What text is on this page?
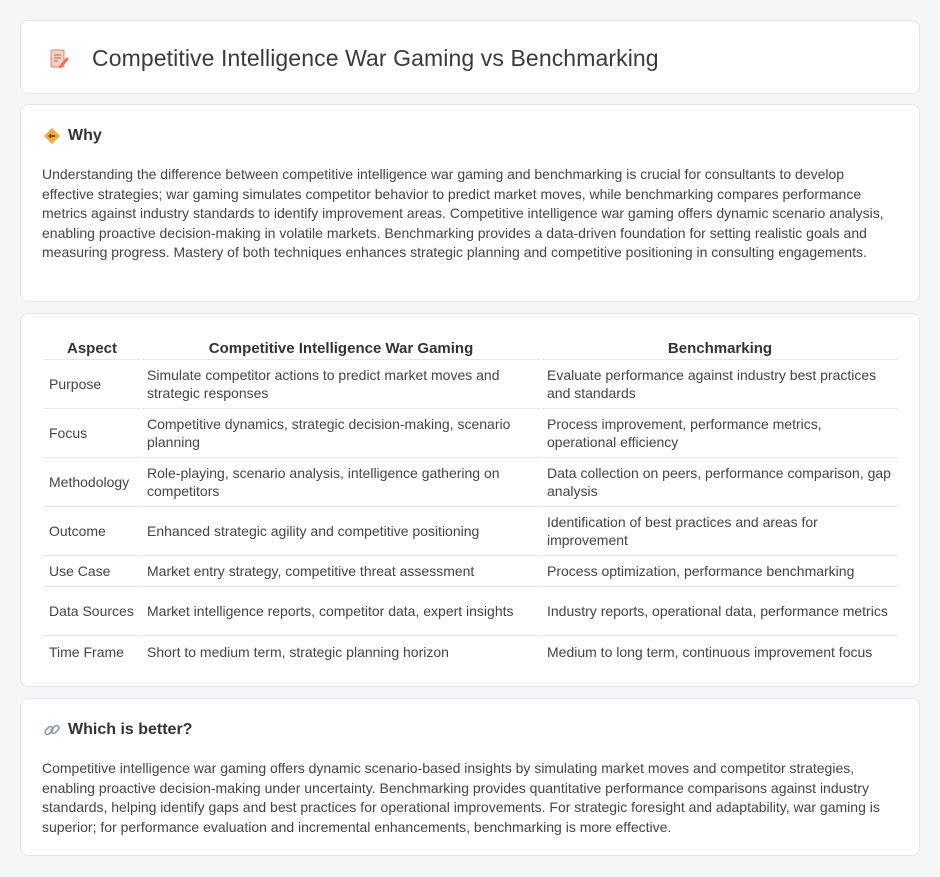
Competitive Intelligence War Gaming vs Benchmarking
Why

Understanding the difference between competitive intelligence war gaming and benchmarking is crucial for consultants to develop effective strategies; war gaming simulates competitor behavior to predict market moves, while benchmarking compares performance metrics against industry standards to identify improvement areas. Competitive intelligence war gaming offers dynamic scenario analysis, enabling proactive decision-making in volatile markets. Benchmarking provides a data-driven foundation for setting realistic goals and measuring progress. Mastery of both techniques enhances strategic planning and competitive positioning in consulting engagements.

Aspect	Competitive Intelligence War Gaming	Benchmarking
Purpose	Simulate competitor actions to predict market moves and strategic responses	Evaluate performance against industry best practices and standards
Focus	Competitive dynamics, strategic decision-making, scenario planning	Process improvement, performance metrics, operational efficiency
Methodology	Role-playing, scenario analysis, intelligence gathering on competitors	Data collection on peers, performance comparison, gap analysis
Outcome	Enhanced strategic agility and competitive positioning	Identification of best practices and areas for improvement
Use Case	Market entry strategy, competitive threat assessment	Process optimization, performance benchmarking
Data Sources	Market intelligence reports, competitor data, expert insights	Industry reports, operational data, performance metrics
Time Frame	Short to medium term, strategic planning horizon	Medium to long term, continuous improvement focus
Which is better?

Competitive intelligence war gaming offers dynamic scenario-based insights by simulating market moves and competitor strategies, enabling proactive decision-making under uncertainty. Benchmarking provides quantitative performance comparisons against industry standards, helping identify gaps and best practices for operational improvements. For strategic foresight and adaptability, war gaming is superior; for performance evaluation and incremental enhancements, benchmarking is more effective.
